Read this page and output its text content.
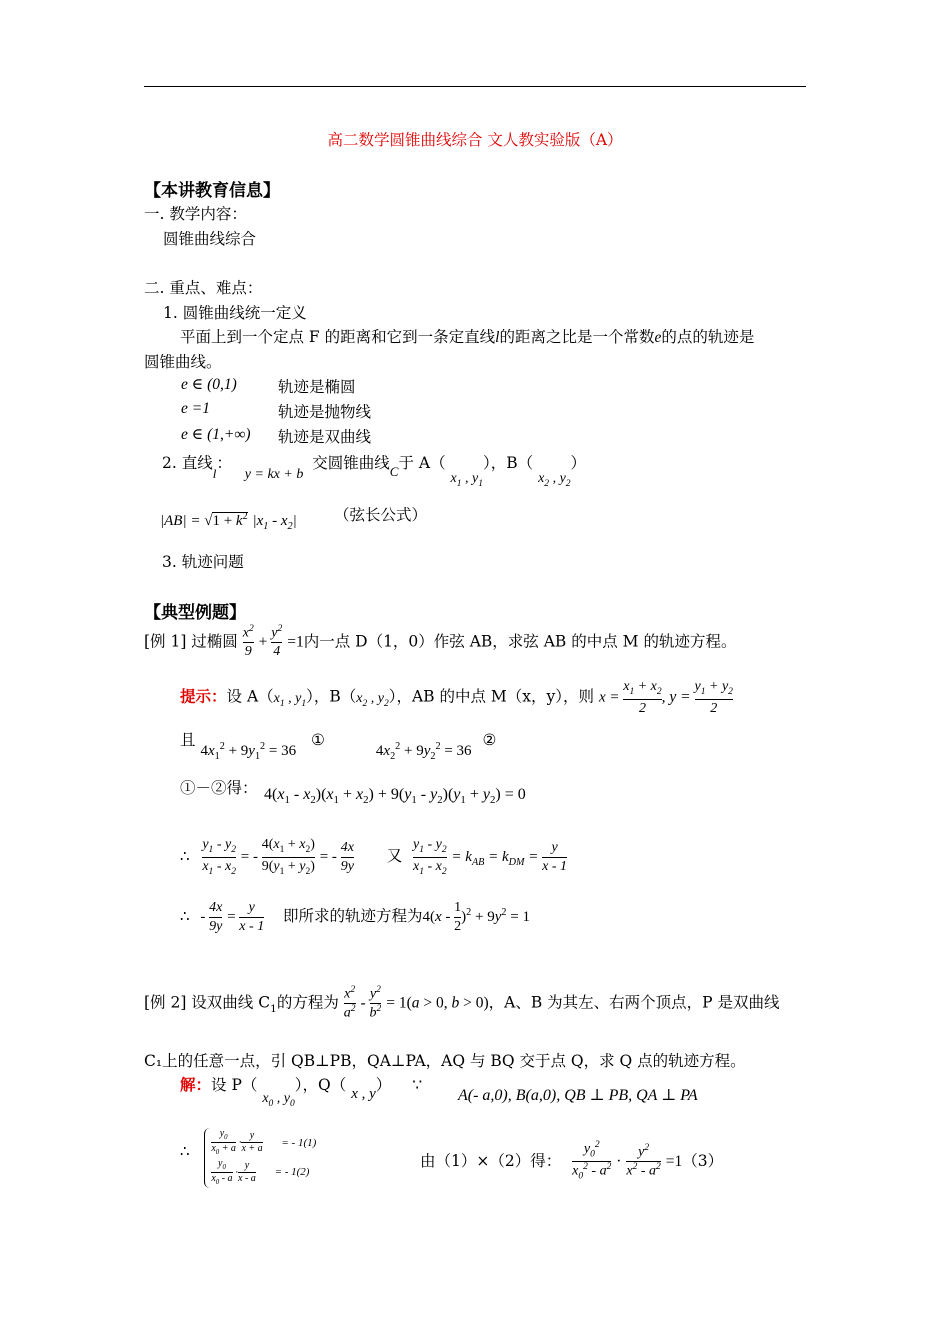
高二数学圆锥曲线综合 文人教实验版（A）
【本讲教育信息】
一. 教学内容：
圆锥曲线综合
二. 重点、难点：
1. 圆锥曲线统一定义
平面上到一个定点 F 的距离和它到一条定直线l的距离之比是一个常数e的点的轨迹是
圆锥曲线。
e ∈ (0,1)	轨迹是椭圆
e =1	轨迹是抛物线
e ∈ (1,+∞) 轨迹是双曲线
2. 直线$_l$： y = kx + b 交圆锥曲线$_C$于 A（ $x_1$ , $y_1$），B（ $x_2$ , $y_2$）
$|AB| = √1 + k^2$ $|x_1 - x_2|$ （弦长公式）
3. 轨迹问题
【典型例题】
[例 1] 过椭圆 $\frac{x^2}{9} + \frac{y^2}{4} =1$内一点 D（1，0）作弦 AB，求弦 AB 的中点 M 的轨迹方程。
提示：设 $A(x_1$ , $y_1$），$B(x_2$ , $y_2$），AB 的中点 M（x，y），则 $x = \frac{x_1 + x_2}{2}$ , $y = \frac{y_1 + y_2}{2}$
且 $4x_1^2 + 9y_1^2 = 36$ ① $4x_2^2 + 9y_2^2 = 36$ ②
①－②得： $4(x_1 - x_2)(x_1 + x_2) + 9(y_1 - y_2)(y_1 + y_2) = 0$
∴ $\frac{y_1 - y_2}{x_1 - x_2}$ = - $\frac{4(x_1 + x_2)}{9(y_1 + y_2)}$ = - $\frac{4x}{9y}$ 又 $\frac{y_1 - y_2}{x_1 - x_2} = k_{AB} = k_{DM} = \frac{y}{x - 1}$
∴ - $\frac{4x}{9y} = \frac{y}{x - 1}$ 即所求的轨迹方程为$4(x - \frac{1}{2} )^2 + 9y^2 = 1$
[例 2] 设双曲线 $C_1$的方程为 $\frac{x^2}{a^2} - \frac{y^2}{b^2} = 1(a > 0$, b > 0)，A、B 为其左、右两个顶点，P 是双曲线
C₁上的任意一点，引 QB⊥PB，QA⊥PA，AQ 与 BQ 交于点 Q，求 Q 点的轨迹方程。
解：设 P（ $x_0$ , $y_0$），Q（ x , y） ∵
A(- a,0), B(a,0), QB ⊥ PB, QA ⊥ PA
∴ $\frac{y_0}{x_0 + a} \cdot \frac{y}{x + a}$ = - 1(1)
$\frac{y_0}{x_0 - a} \cdot \frac{y}{x - a}$ = - 1(2)
由（1）×（2）得： $\frac{y_0^2}{x_0^2 - a^2} \cdot \frac{y^2}{x^2 - a^2} =1(3)$
